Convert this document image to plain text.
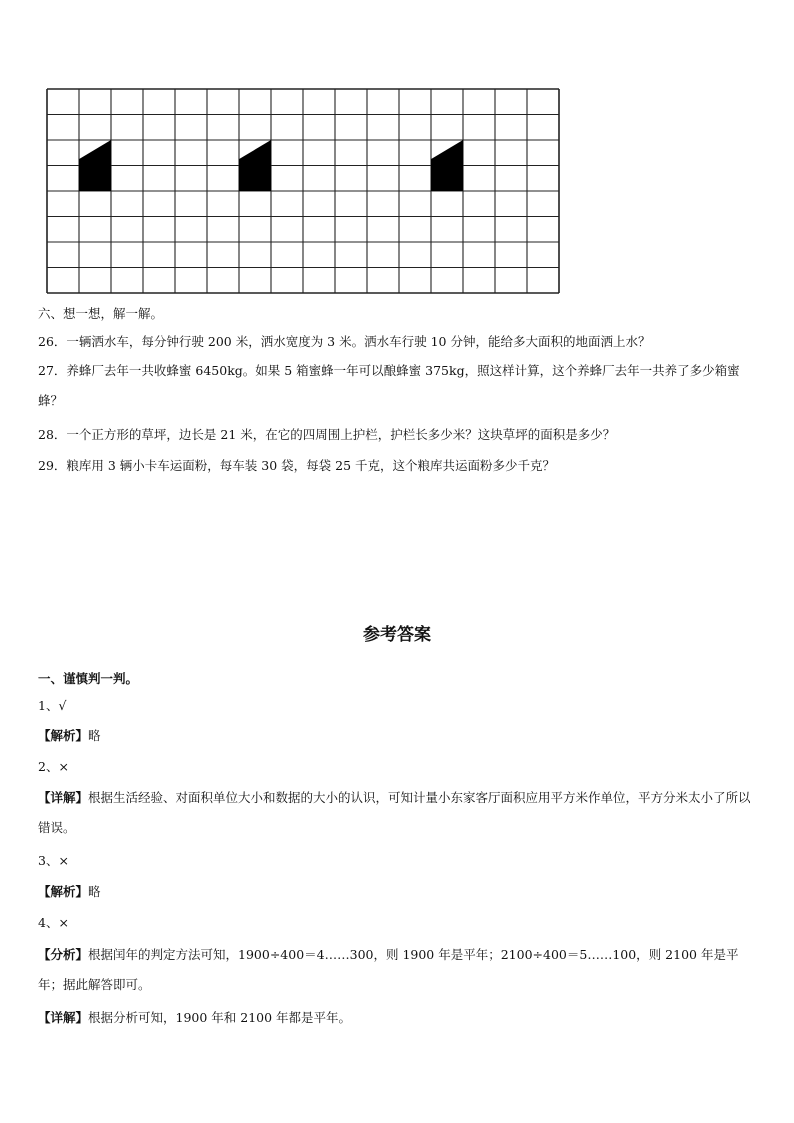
六、想一想，解一解。
26．一辆洒水车，每分钟行驶 200 米，洒水宽度为 3 米。洒水车行驶 10 分钟，能给多大面积的地面洒上水？
27．养蜂厂去年一共收蜂蜜 6450kg。如果 5 箱蜜蜂一年可以酿蜂蜜 375kg，照这样计算，这个养蜂厂去年一共养了多少箱蜜蜂？
28．一个正方形的草坪，边长是 21 米，在它的四周围上护栏，护栏长多少米？这块草坪的面积是多少？
29．粮库用 3 辆小卡车运面粉，每车装 30 袋，每袋 25 千克，这个粮库共运面粉多少千克？
参考答案
一、谨慎判一判。
1、√
【解析】略
2、×
【详解】根据生活经验、对面积单位大小和数据的大小的认识，可知计量小东家客厅面积应用平方米作单位，平方分米太小了所以错误。
3、×
【解析】略
4、×
【分析】根据闰年的判定方法可知，1900÷400＝4……300，则 1900 年是平年；2100÷400＝5……100，则 2100 年是平年；据此解答即可。
【详解】根据分析可知，1900 年和 2100 年都是平年。
